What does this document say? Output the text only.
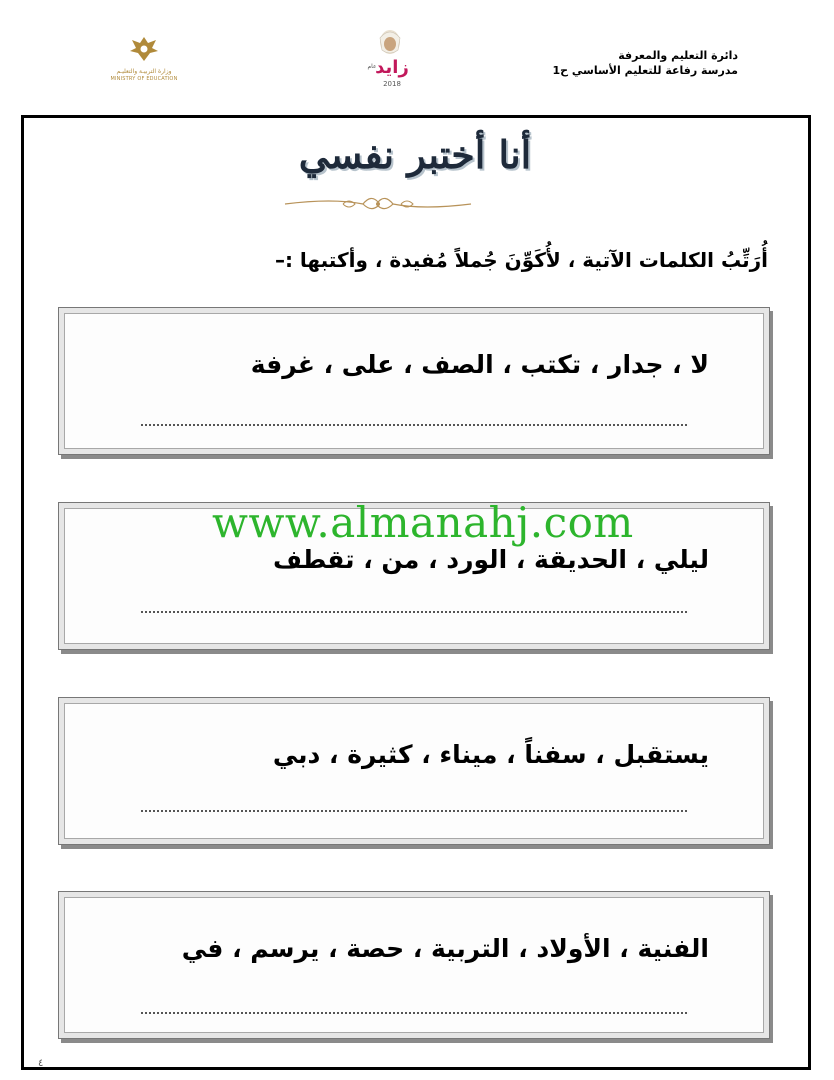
دائرة التعليم والمعرفة
مدرسة رفاعة للتعليم الأساسي ح1
وزارة التربيـة والتعليـم
MINISTRY OF EDUCATION
زايد
عام
2018
أنا أختبر نفسي
أُرَتِّبُ الكلمات الآتية ، لأُكَوِّنَ جُملاً مُفيدة ، وأكتبها :–
لا ، جدار ، تكتب ، الصف ، على ، غرفة
ليلي ، الحديقة ، الورد ، من ، تقطف
يستقبل ، سفناً ، ميناء ، كثيرة ، دبي
الفنية ، الأولاد ، التربية ، حصة ، يرسم ، في
www.almanahj.com
٤
